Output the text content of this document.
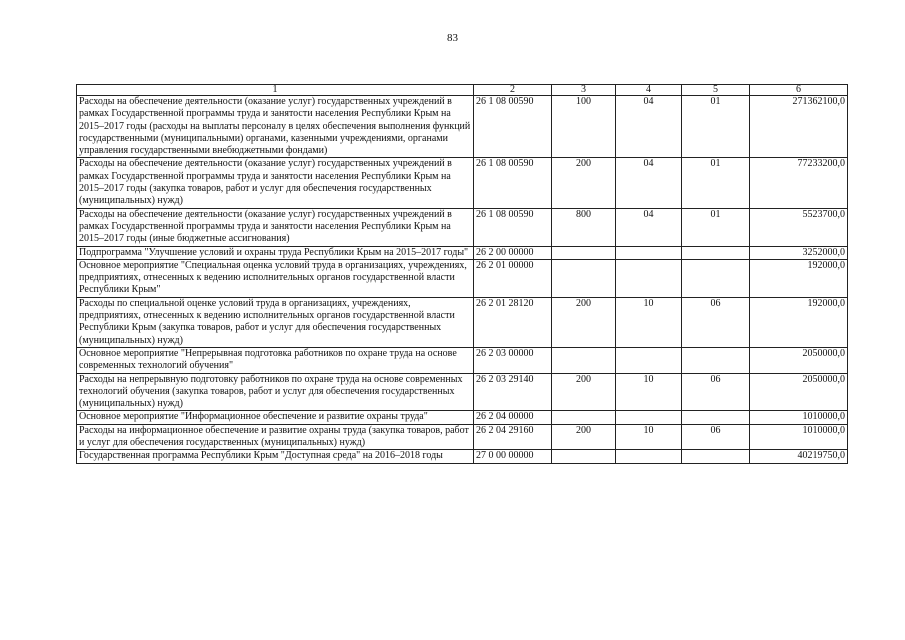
83
1	2	3	4	5	6
Расходы на обеспечение деятельности (оказание услуг) государственных учреждений в рамках Государственной программы труда и занятости населения Республики Крым на 2015–2017 годы (расходы на выплаты персоналу в целях обеспечения выполнения функций государственными (муниципальными) органами, казенными учреждениями, органами управления государственными внебюджетными фондами)	26 1 08 00590	100	04	01	271362100,0
Расходы на обеспечение деятельности (оказание услуг) государственных учреждений в рамках Государственной программы труда и занятости населения Республики Крым на 2015–2017 годы (закупка товаров, работ и услуг для обеспечения государственных (муниципальных) нужд)	26 1 08 00590	200	04	01	77233200,0
Расходы на обеспечение деятельности (оказание услуг) государственных учреждений в рамках Государственной программы труда и занятости населения Республики Крым на 2015–2017 годы (иные бюджетные ассигнования)	26 1 08 00590	800	04	01	5523700,0
Подпрограмма "Улучшение условий и охраны труда Республики Крым на 2015–2017 годы"	26 2 00 00000				3252000,0
Основное мероприятие "Специальная оценка условий труда в организациях, учреждениях, предприятиях, отнесенных к ведению исполнительных органов государственной власти Республики Крым"	26 2 01 00000				192000,0
Расходы по специальной оценке условий труда в организациях, учреждениях, предприятиях, отнесенных к ведению исполнительных органов государственной власти Республики Крым (закупка товаров, работ и услуг для обеспечения государственных (муниципальных) нужд)	26 2 01 28120	200	10	06	192000,0
Основное мероприятие "Непрерывная подготовка работников по охране труда на основе современных технологий обучения"	26 2 03 00000				2050000,0
Расходы на непрерывную подготовку работников по охране труда на основе современных технологий обучения (закупка товаров, работ и услуг для обеспечения государственных (муниципальных) нужд)	26 2 03 29140	200	10	06	2050000,0
Основное мероприятие "Информационное обеспечение и развитие охраны труда"	26 2 04 00000				1010000,0
Расходы на информационное обеспечение и развитие охраны труда (закупка товаров, работ и услуг для обеспечения государственных (муниципальных) нужд)	26 2 04 29160	200	10	06	1010000,0
Государственная программа Республики Крым "Доступная среда" на 2016–2018 годы	27 0 00 00000				40219750,0
